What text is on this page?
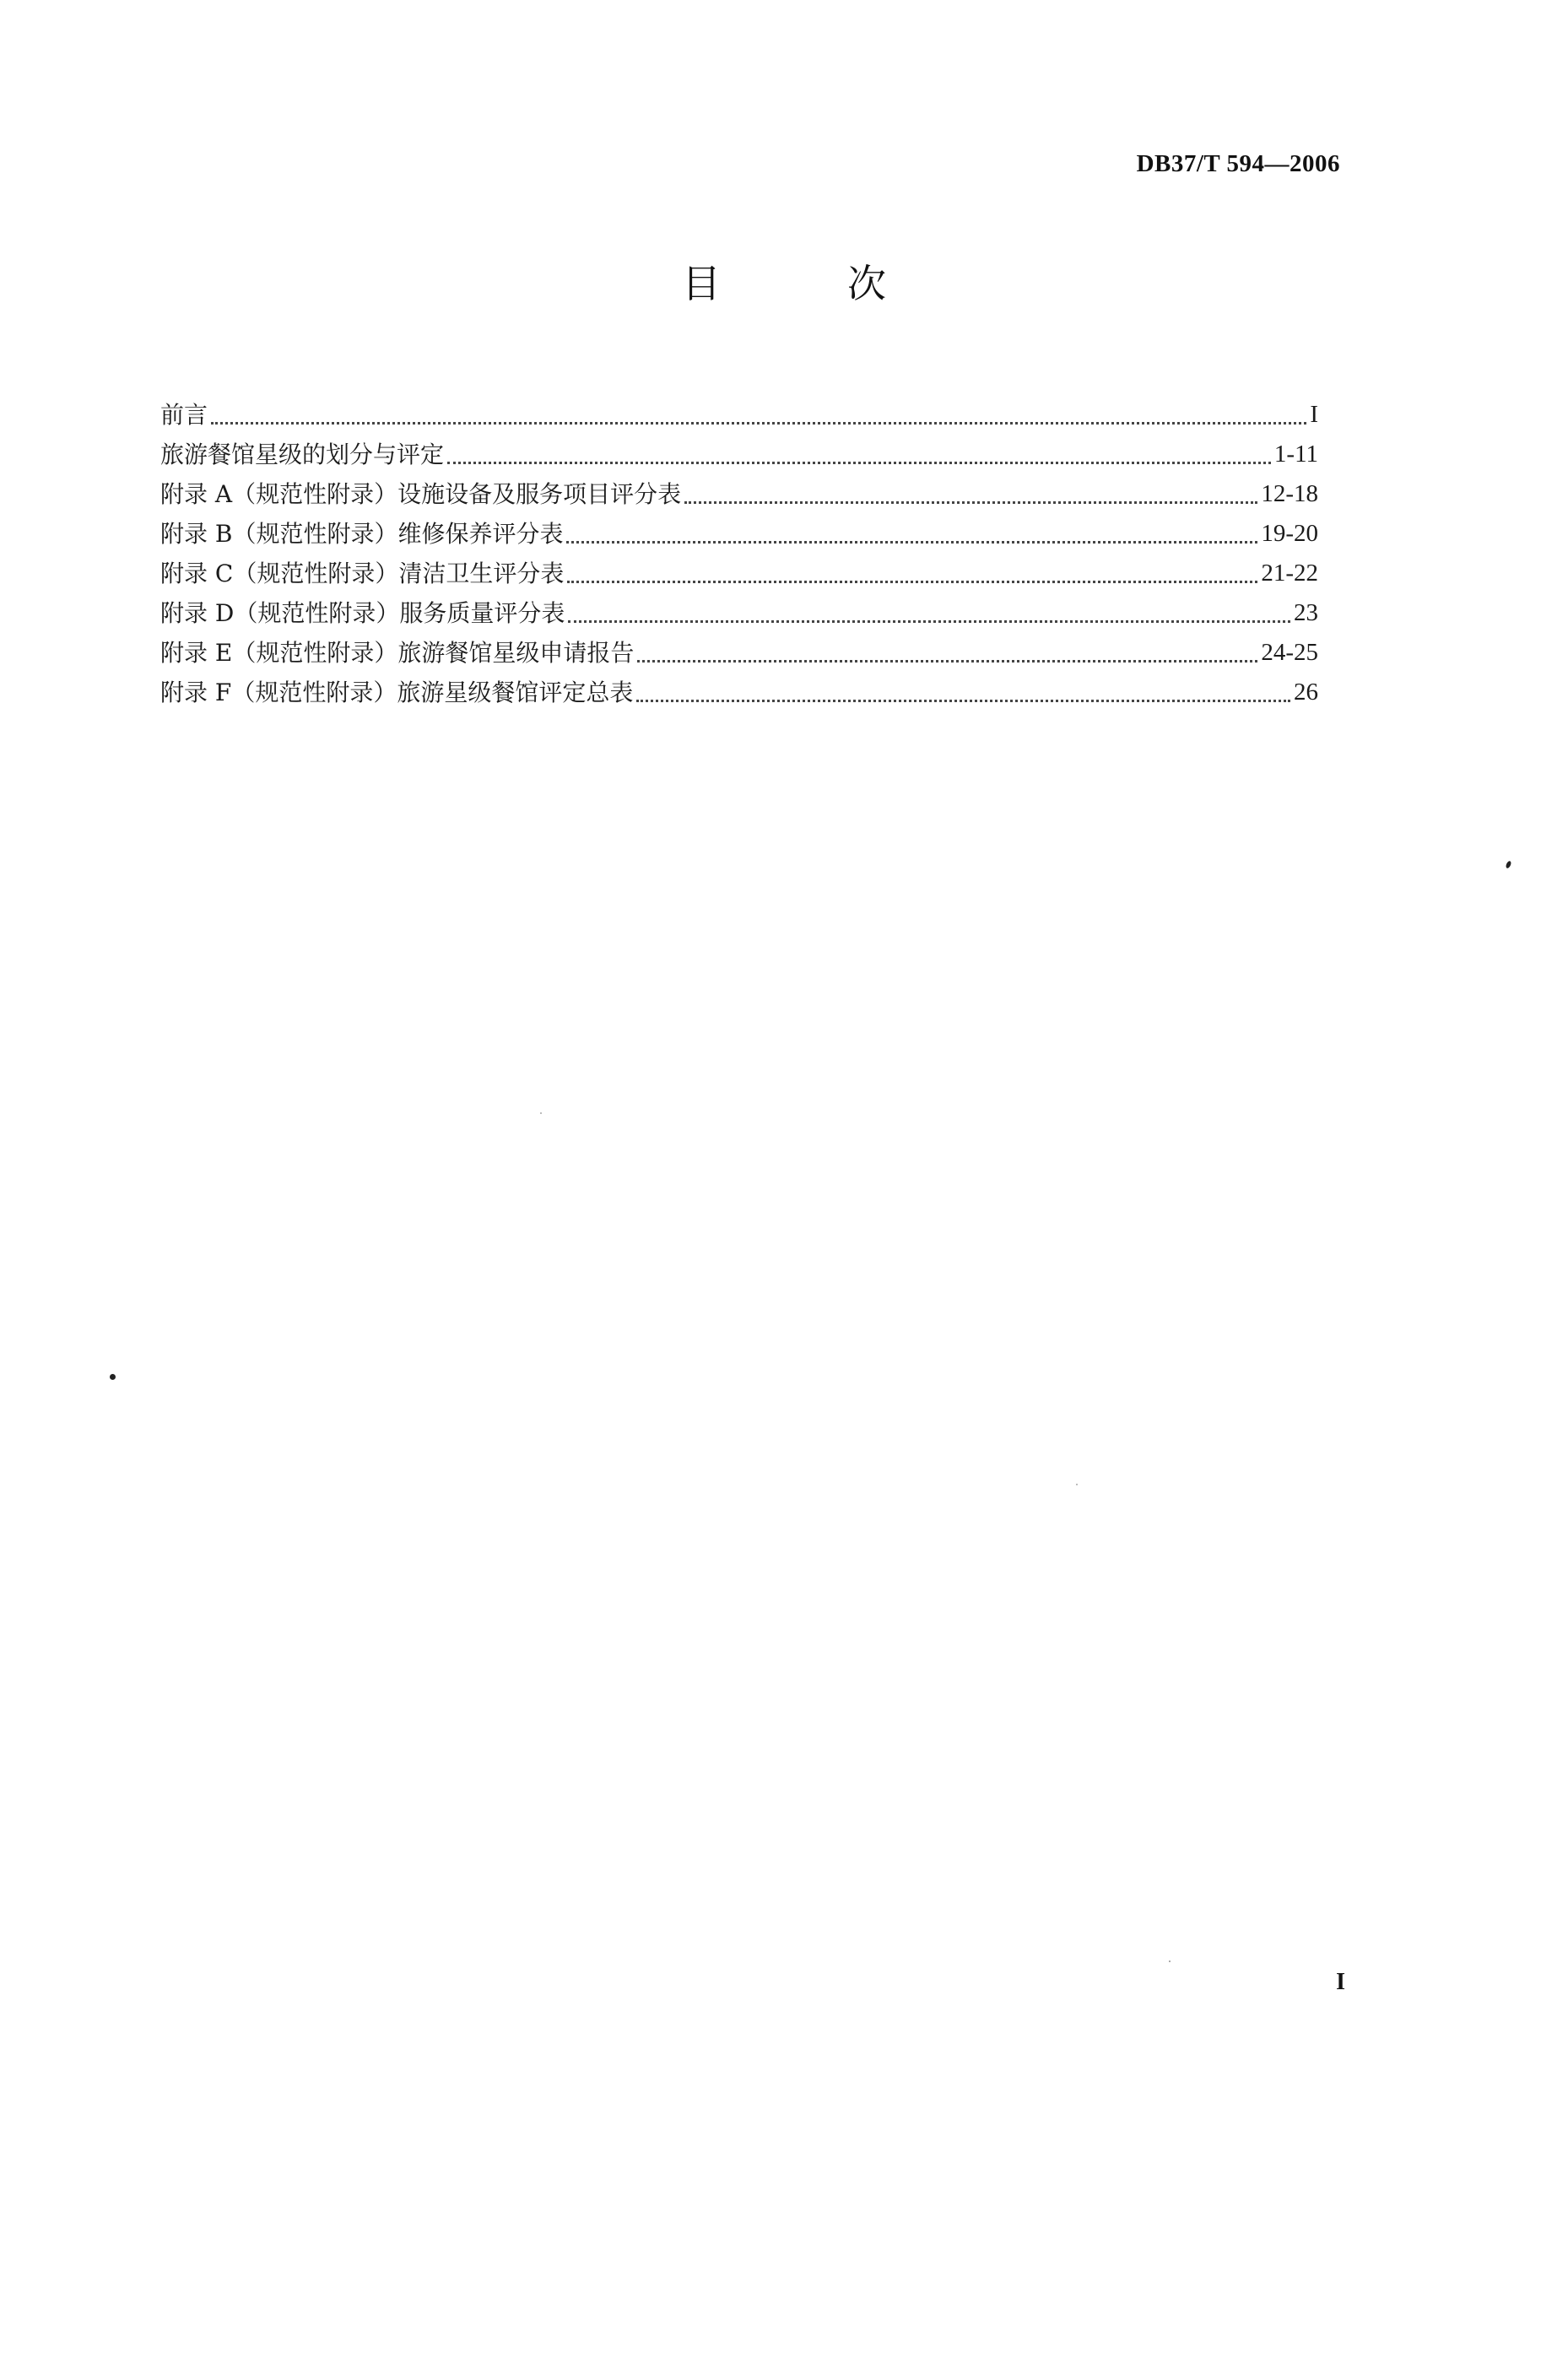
DB37/T 594—2006
目　次
前言	I
旅游餐馆星级的划分与评定	1-11
附录 A（规范性附录）设施设备及服务项目评分表	12-18
附录 B（规范性附录）维修保养评分表	19-20
附录 C（规范性附录）清洁卫生评分表	21-22
附录 D（规范性附录）服务质量评分表	23
附录 E（规范性附录）旅游餐馆星级申请报告	24-25
附录 F（规范性附录）旅游星级餐馆评定总表	26
I
